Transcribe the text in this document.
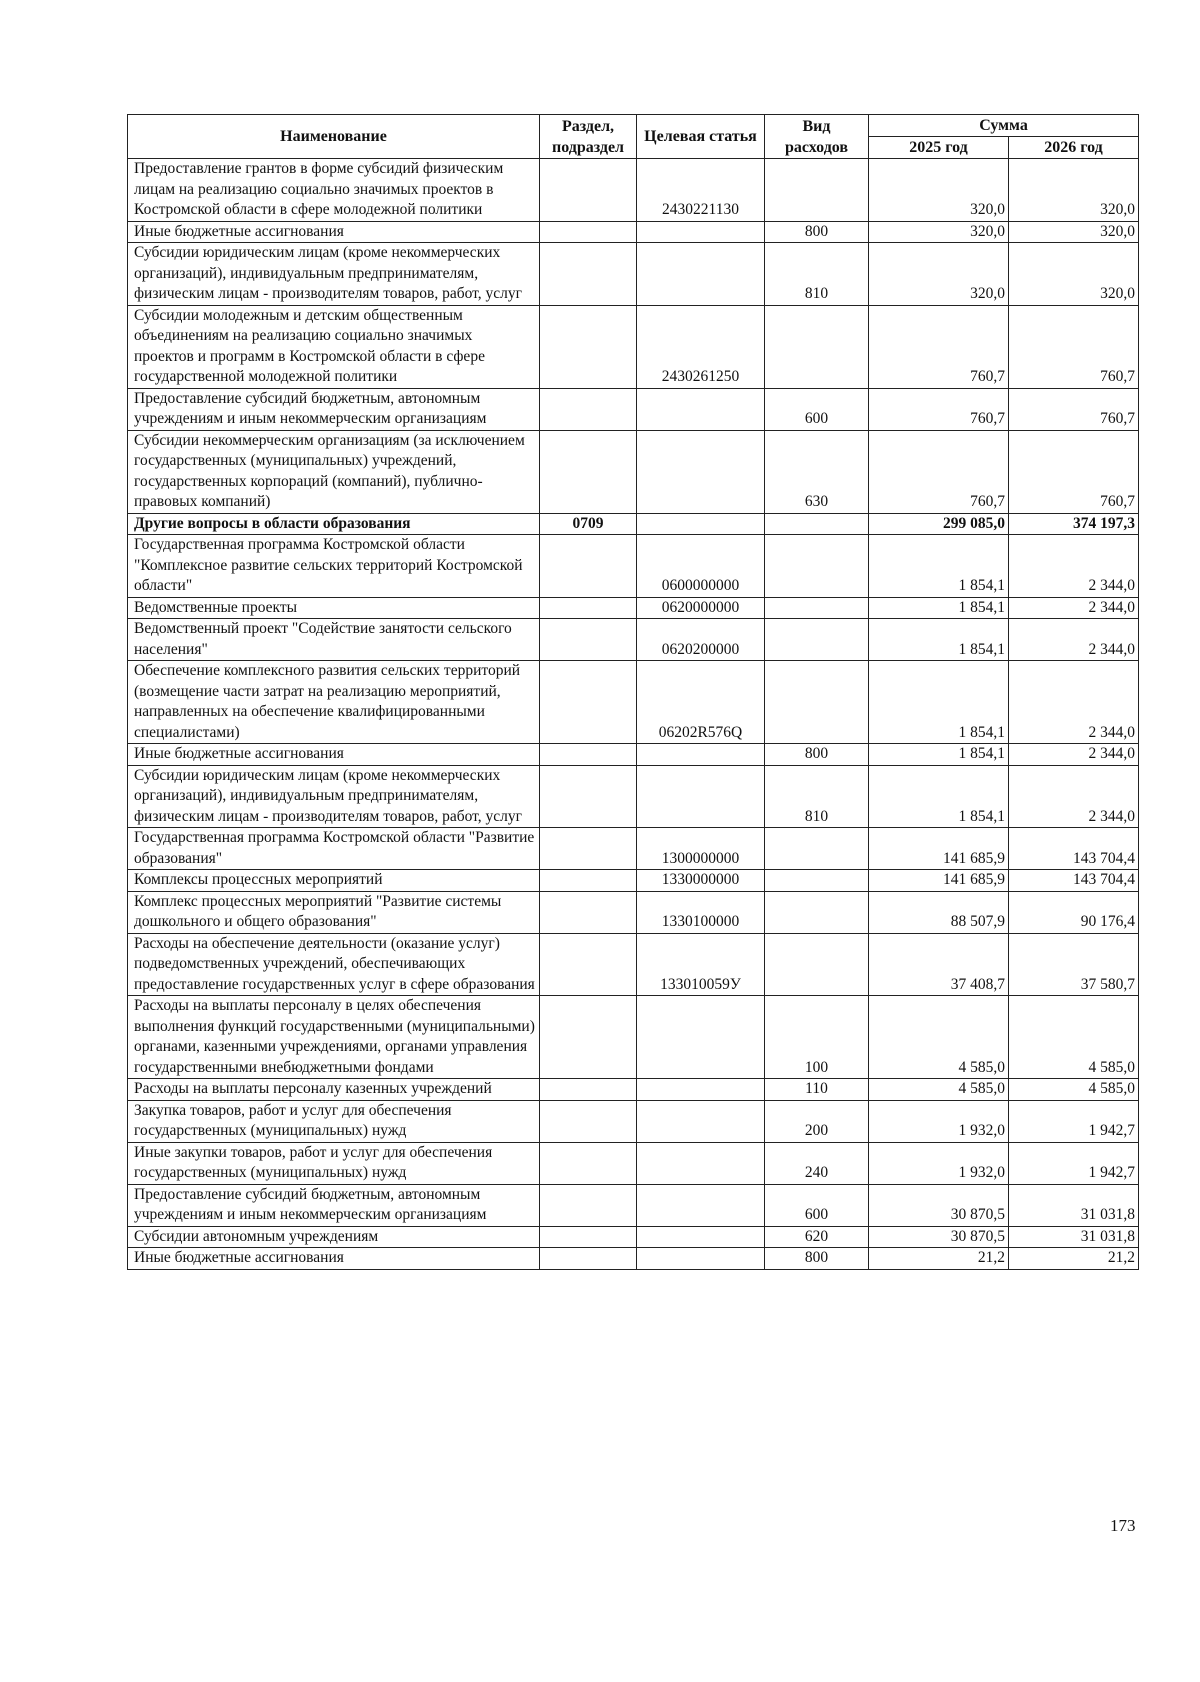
Наименование	Раздел, подраздел	Целевая статья	Вид расходов	Сумма	
				2025 год	2026 год
Предоставление грантов в форме субсидий физическим лицам на реализацию социально значимых проектов в Костромской области в сфере молодежной политики		2430221130		320,0	320,0
Иные бюджетные ассигнования			800	320,0	320,0
Субсидии юридическим лицам (кроме некоммерческих организаций), индивидуальным предпринимателям, физическим лицам - производителям товаров, работ, услуг			810	320,0	320,0
Субсидии молодежным и детским общественным объединениям на реализацию социально значимых проектов и программ в Костромской области в сфере государственной молодежной политики		2430261250		760,7	760,7
Предоставление субсидий бюджетным, автономным учреждениям и иным некоммерческим организациям			600	760,7	760,7
Субсидии некоммерческим организациям (за исключением государственных (муниципальных) учреждений, государственных корпораций (компаний), публично-правовых компаний)			630	760,7	760,7
Другие вопросы в области образования	0709			299 085,0	374 197,3
Государственная программа Костромской области "Комплексное развитие сельских территорий Костромской области"		0600000000		1 854,1	2 344,0
Ведомственные проекты		0620000000		1 854,1	2 344,0
Ведомственный проект "Содействие занятости сельского населения"		0620200000		1 854,1	2 344,0
Обеспечение комплексного развития сельских территорий (возмещение части затрат на реализацию мероприятий, направленных на обеспечение квалифицированными специалистами)		06202R576Q		1 854,1	2 344,0
Иные бюджетные ассигнования			800	1 854,1	2 344,0
Субсидии юридическим лицам (кроме некоммерческих организаций), индивидуальным предпринимателям, физическим лицам - производителям товаров, работ, услуг			810	1 854,1	2 344,0
Государственная программа Костромской области "Развитие образования"		1300000000		141 685,9	143 704,4
Комплексы процессных мероприятий		1330000000		141 685,9	143 704,4
Комплекс процессных мероприятий "Развитие системы дошкольного и общего образования"		1330100000		88 507,9	90 176,4
Расходы на обеспечение деятельности (оказание услуг) подведомственных учреждений, обеспечивающих предоставление государственных услуг в сфере образования		133010059У		37 408,7	37 580,7
Расходы на выплаты персоналу в целях обеспечения выполнения функций государственными (муниципальными) органами, казенными учреждениями, органами управления государственными внебюджетными фондами			100	4 585,0	4 585,0
Расходы на выплаты персоналу казенных учреждений			110	4 585,0	4 585,0
Закупка товаров, работ и услуг для обеспечения государственных (муниципальных) нужд			200	1 932,0	1 942,7
Иные закупки товаров, работ и услуг для обеспечения государственных (муниципальных) нужд			240	1 932,0	1 942,7
Предоставление субсидий бюджетным, автономным учреждениям и иным некоммерческим организациям			600	30 870,5	31 031,8
Субсидии автономным учреждениям			620	30 870,5	31 031,8
Иные бюджетные ассигнования			800	21,2	21,2
173
